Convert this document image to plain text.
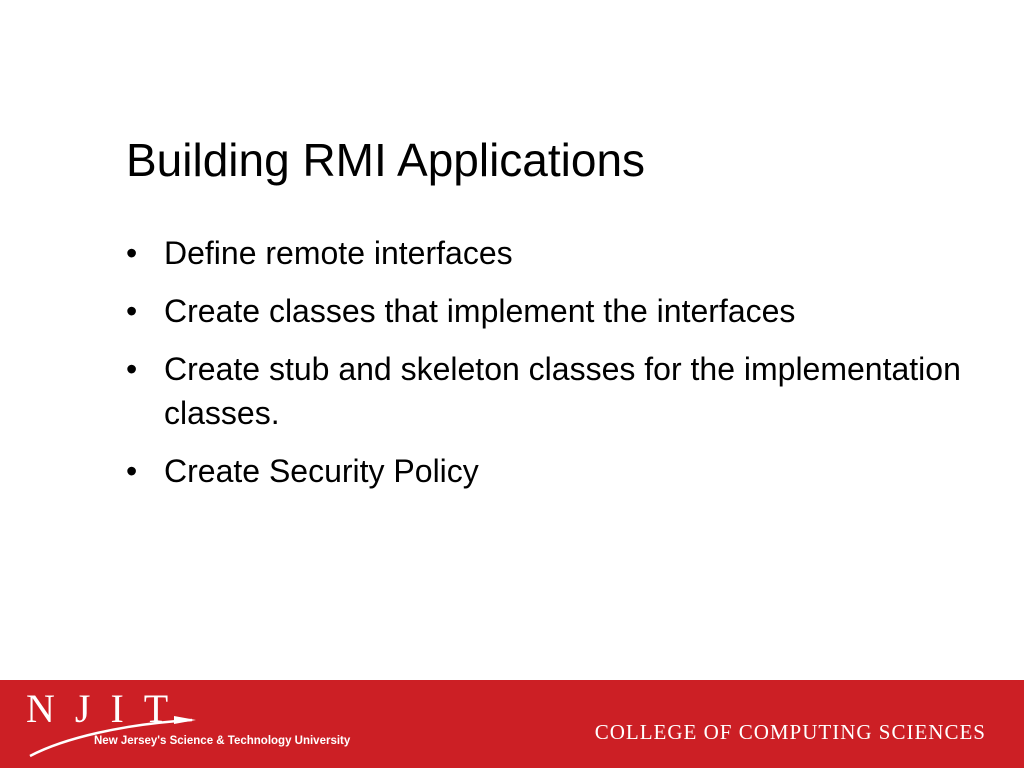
Building RMI Applications
• Define remote interfaces
• Create classes that implement the interfaces
• Create stub and skeleton classes for the implementation classes.
• Create Security Policy
NJIT
New Jersey's Science & Technology University	COLLEGE OF COMPUTING SCIENCES
